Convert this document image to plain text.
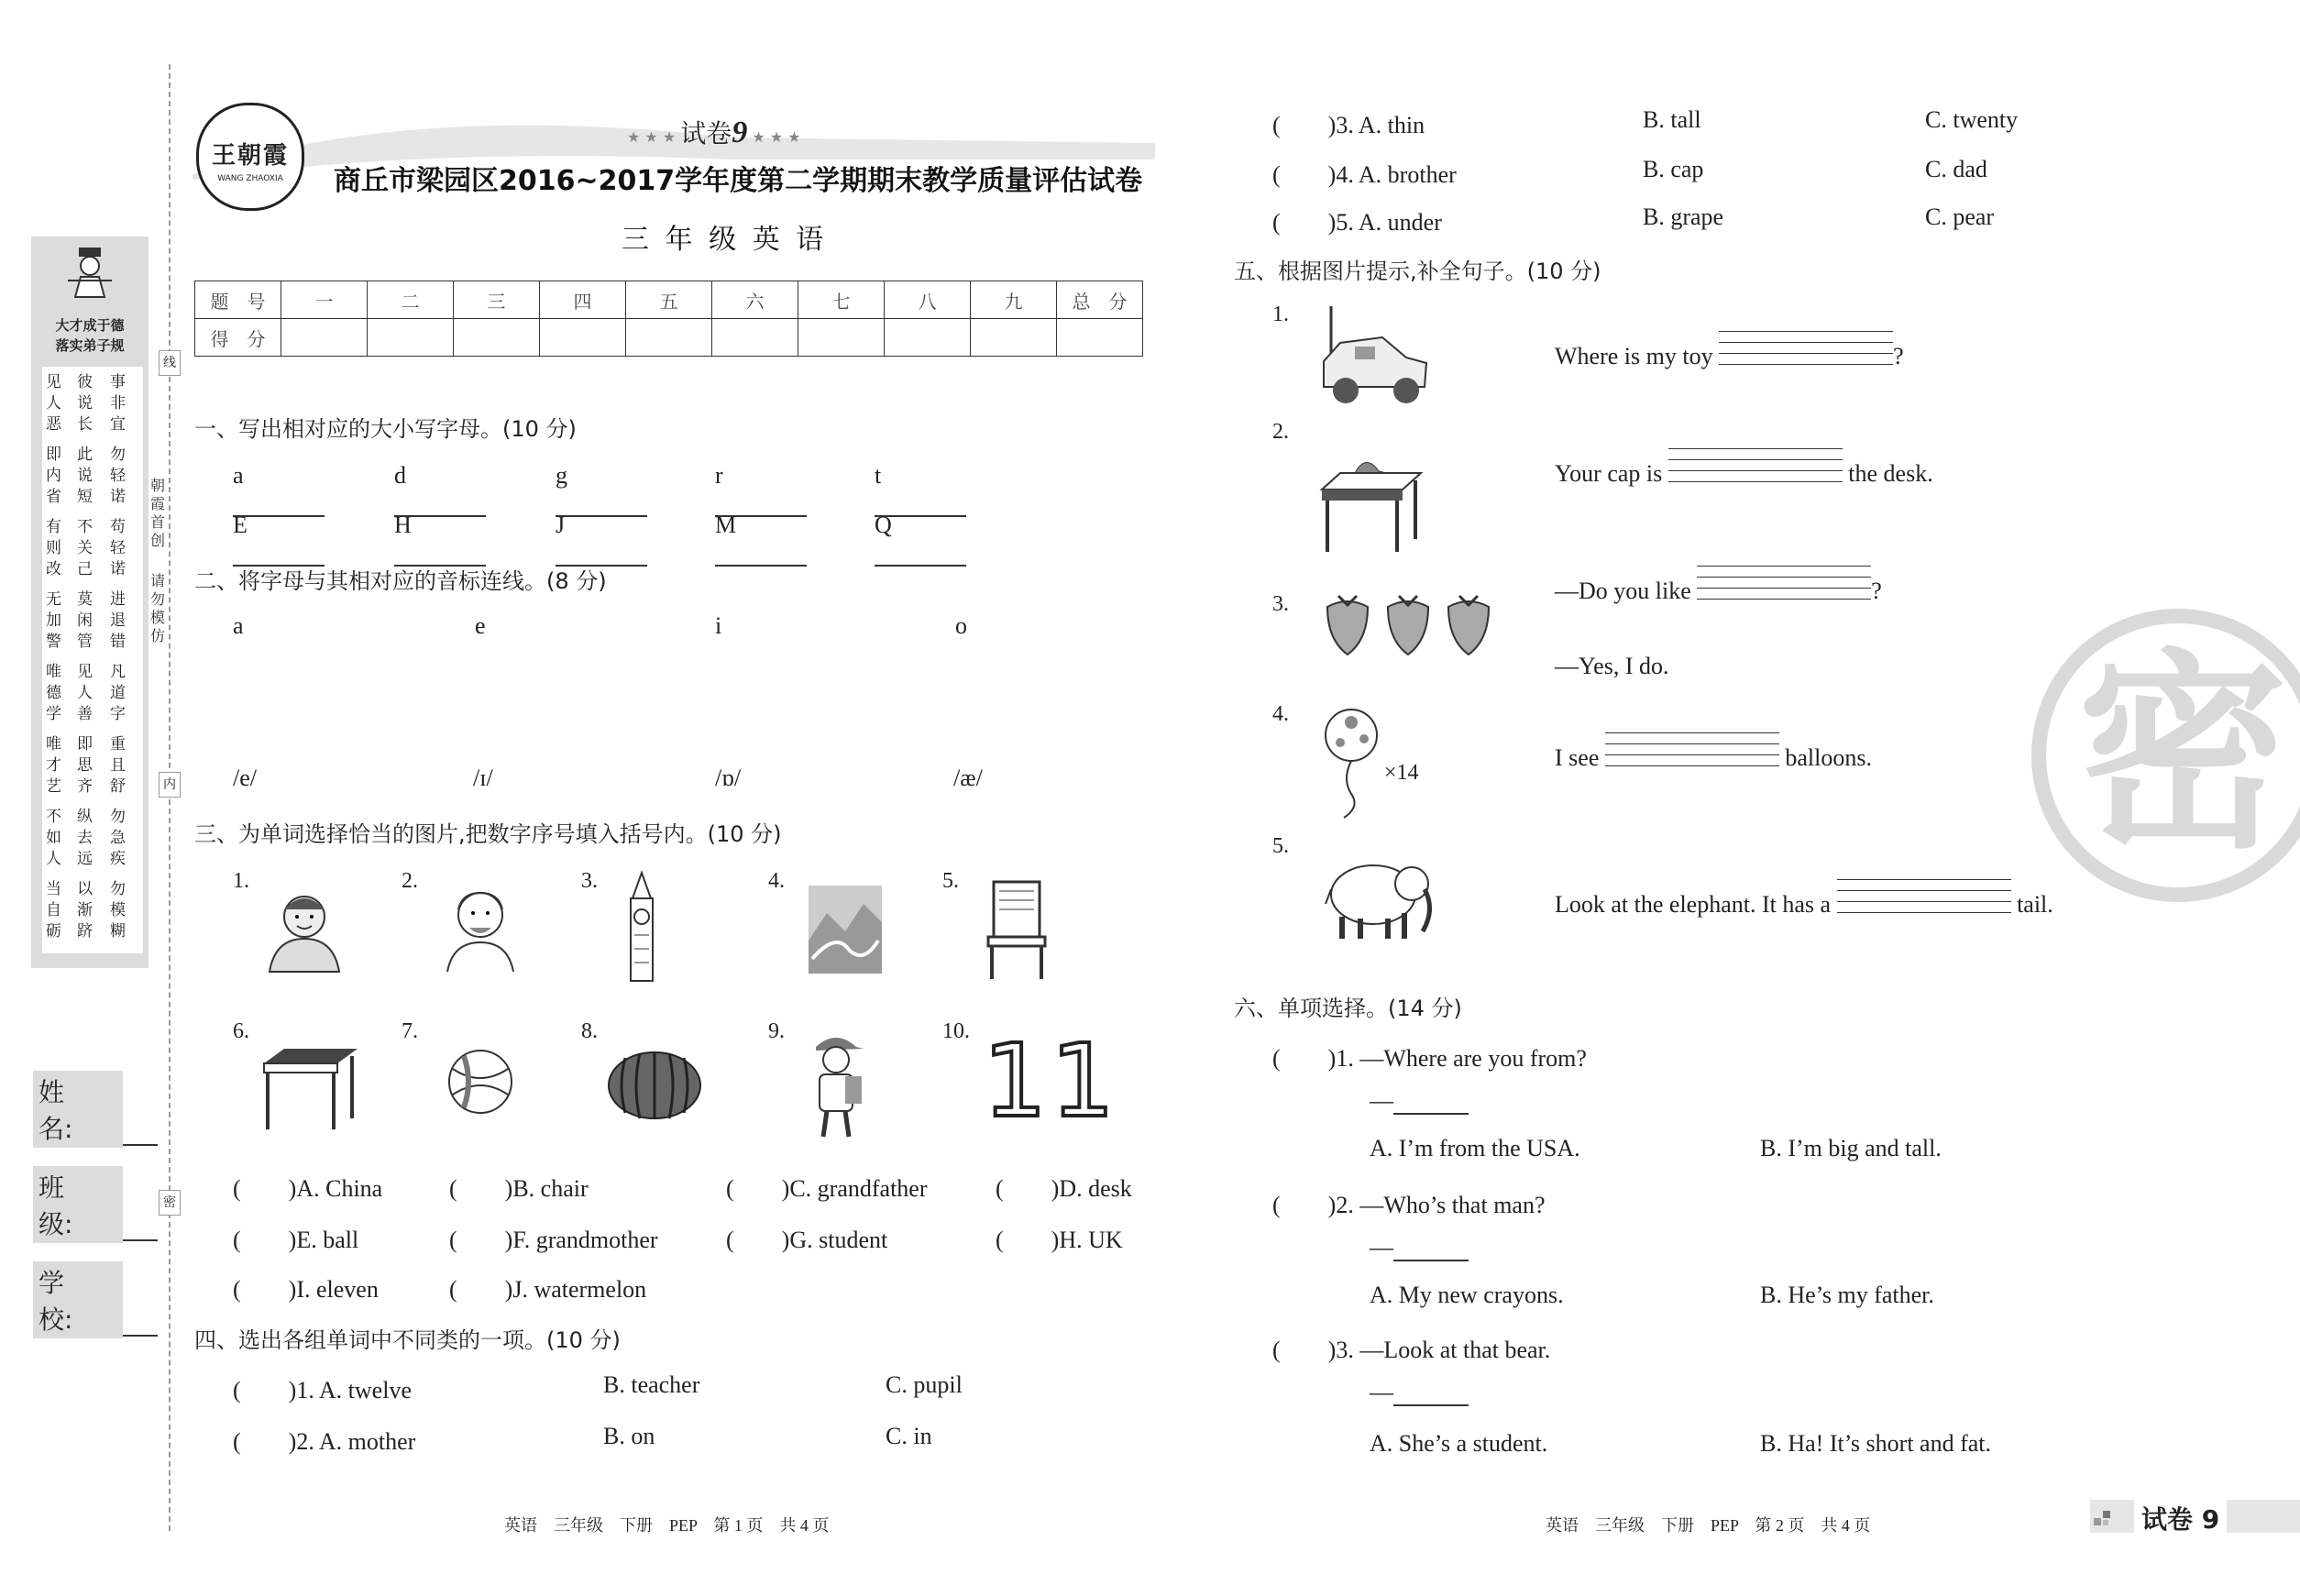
大才成于德
落实弟子规
事非宜
勿轻诺
苟轻诺
进退错
凡道字
重且舒
勿急疾
勿模糊
彼说长
此说短
不关己
莫闲管
见人善
即思齐
纵去远
以渐跻
见人恶
即内省
有则改
无加警
唯德学
唯才艺
不如人
当自砺
朝霞首创
请勿模仿
线
内
密
姓　名:
班　级:
学　校:
王朝霞
WANG ZHAOXIA
★ ★ ★ 试卷9 ★ ★ ★
商丘市梁园区2016~2017学年度第二学期期末教学质量评估试卷
三 年 级 英 语
题　号	一	二	三	四	五	六	七	八	九	总　分
得　分										
一、写出相对应的大小写字母。(10 分)
a	d	g	r	t
E	H	J	M	Q
二、将字母与其相对应的音标连线。(8 分)
a	e	i	o
/e/	/ɪ/	/ɒ/	/æ/
三、为单词选择恰当的图片,把数字序号填入括号内。(10 分)
1.	2.	3.	4.	5.
6.	7.	8.	9.	10. 11
(　　)A. China	(　　)B. chair	(　　)C. grandfather	(　　)D. desk
(　　)E. ball	(　　)F. grandmother	(　　)G. student	(　　)H. UK
(　　)I. eleven	(　　)J. watermelon
四、选出各组单词中不同类的一项。(10 分)
(　　)1. A. twelve	B. teacher	C. pupil
(　　)2. A. mother	B. on	C. in
英语　三年级　下册　PEP　第 1 页　共 4 页
(　　)3. A. thin	B. tall	C. twenty
(　　)4. A. brother	B. cap	C. dad
(　　)5. A. under	B. grape	C. pear
五、根据图片提示,补全句子。(10 分)
1.
Where is my toy	?
2.
Your cap is	the desk.
3.	—Do you like	?
—Yes, I do.
4.
×14
I see	balloons.
5.
Look at the elephant. It has a	tail.
六、单项选择。(14 分)
(　　)1. —Where are you from?
—
A. I’m from the USA.	B. I’m big and tall.
(　　)2. —Who’s that man?
—
A. My new crayons.	B. He’s my father.
(　　)3. —Look at that bear.
—
A. She’s a student.	B. Ha! It’s short and fat.
密
英语　三年级　下册　PEP　第 2 页　共 4 页	试卷 9
